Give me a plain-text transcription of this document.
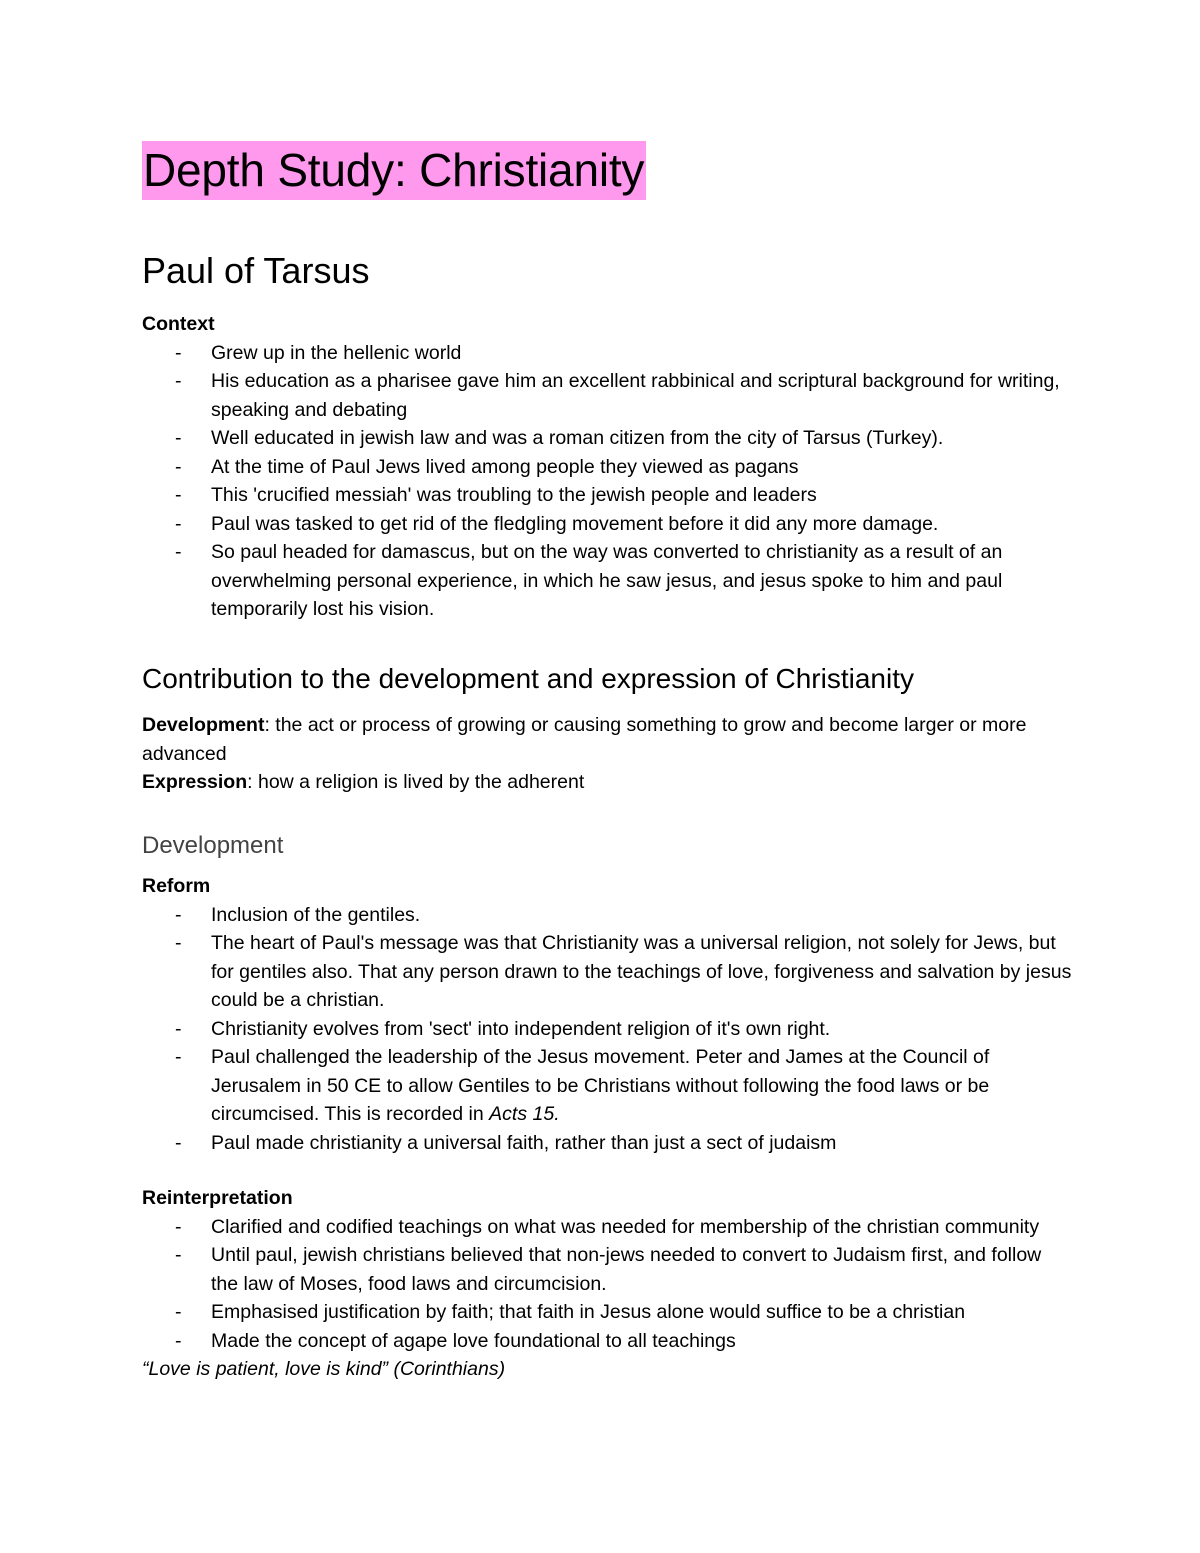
Depth Study: Christianity
Paul of Tarsus
Context
- Grew up in the hellenic world
- His education as a pharisee gave him an excellent rabbinical and scriptural background for writing, speaking and debating
- Well educated in jewish law and was a roman citizen from the city of Tarsus (Turkey).
- At the time of Paul Jews lived among people they viewed as pagans
- This 'crucified messiah' was troubling to the jewish people and leaders
- Paul was tasked to get rid of the fledgling movement before it did any more damage.
- So paul headed for damascus, but on the way was converted to christianity as a result of an overwhelming personal experience, in which he saw jesus, and jesus spoke to him and paul temporarily lost his vision.
Contribution to the development and expression of Christianity

Development: the act or process of growing or causing something to grow and become larger or more advanced

Expression: how a religion is lived by the adherent

Development
Reform
- Inclusion of the gentiles.
- The heart of Paul's message was that Christianity was a universal religion, not solely for Jews, but for gentiles also. That any person drawn to the teachings of love, forgiveness and salvation by jesus could be a christian.
- Christianity evolves from 'sect' into independent religion of it's own right.
- Paul challenged the leadership of the Jesus movement. Peter and James at the Council of Jerusalem in 50 CE to allow Gentiles to be Christians without following the food laws or be circumcised. This is recorded in Acts 15.
- Paul made christianity a universal faith, rather than just a sect of judaism
Reinterpretation
- Clarified and codified teachings on what was needed for membership of the christian community
- Until paul, jewish christians believed that non-jews needed to convert to Judaism first, and follow the law of Moses, food laws and circumcision.
- Emphasised justification by faith; that faith in Jesus alone would suffice to be a christian
- Made the concept of agape love foundational to all teachings
“Love is patient, love is kind” (Corinthians)
